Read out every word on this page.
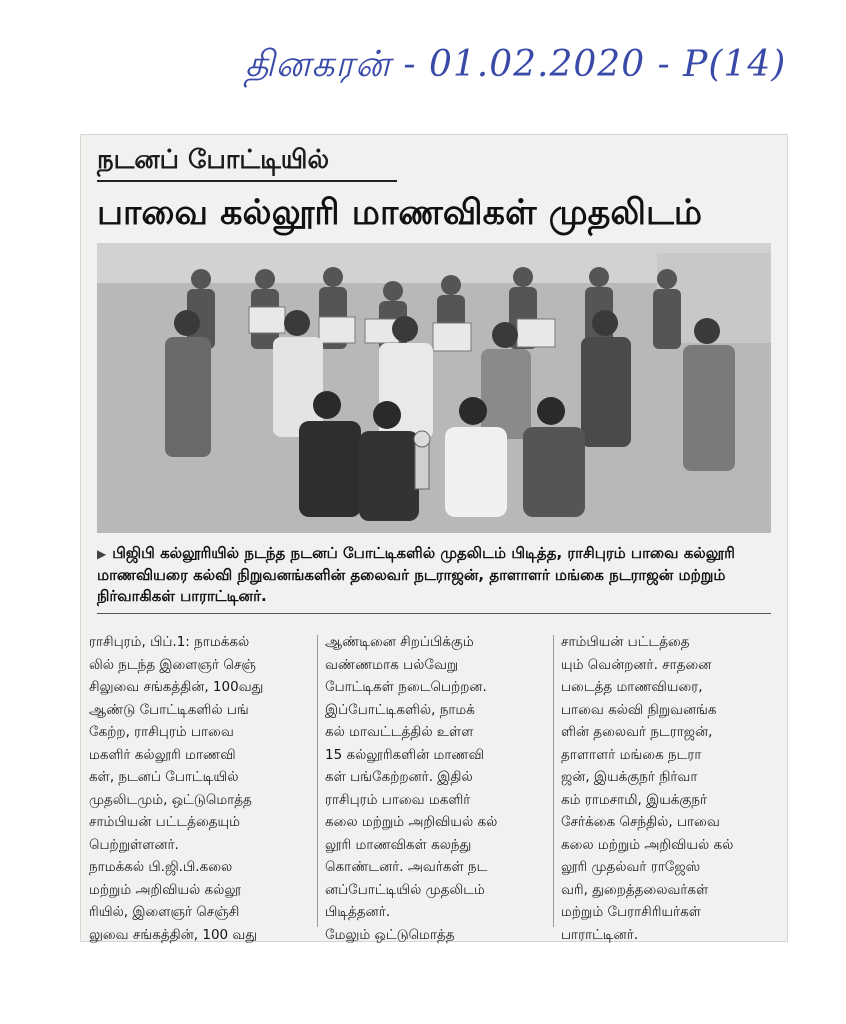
தினகரன் - 01.02.2020 - P(14)
நடனப் போட்டியில்
பாவை கல்லூரி மாணவிகள் முதலிடம்
▶ பிஜிபி கல்லூரியில் நடந்த நடனப் போட்டிகளில் முதலிடம் பிடித்த, ராசிபுரம் பாவை கல்லூரி மாணவியரை கல்வி நிறுவனங்களின் தலைவர் நடராஜன், தாளாளர் மங்கை நடராஜன் மற்றும் நிர்வாகிகள் பாராட்டினர்.
ராசிபுரம், பிப்.1: நாமக்கல்
லில் நடந்த இளைஞர் செஞ்
சிலுவை சங்கத்தின், 100வது
ஆண்டு போட்டிகளில் பங்
கேற்ற, ராசிபுரம் பாவை
மகளிர் கல்லூரி மாணவி
கள், நடனப் போட்டியில்
முதலிடமும், ஒட்டுமொத்த
சாம்பியன் பட்டத்தையும்
பெற்றுள்ளனர்.
நாமக்கல் பி.ஜி.பி.கலை
மற்றும் அறிவியல் கல்லூ
ரியில், இளைஞர் செஞ்சி
லுவை சங்கத்தின், 100 வது
ஆண்டினை சிறப்பிக்கும்
வண்ணமாக பல்வேறு
போட்டிகள் நடைபெற்றன.
இப்போட்டிகளில், நாமக்
கல் மாவட்டத்தில் உள்ள
15 கல்லூரிகளின் மாணவி
கள் பங்கேற்றனர். இதில்
ராசிபுரம் பாவை மகளிர்
கலை மற்றும் அறிவியல் கல்
லூரி மாணவிகள் கலந்து
கொண்டனர். அவர்கள் நட
னப்போட்டியில் முதலிடம்
பிடித்தனர்.
மேலும் ஒட்டுமொத்த
சாம்பியன் பட்டத்தை
யும் வென்றனர். சாதனை
படைத்த மாணவியரை,
பாவை கல்வி நிறுவனங்க
ளின் தலைவர் நடராஜன்,
தாளாளர் மங்கை நடரா
ஜன், இயக்குநர் நிர்வா
கம் ராமசாமி, இயக்குநர்
சேர்க்கை செந்தில், பாவை
கலை மற்றும் அறிவியல் கல்
லூரி முதல்வர் ராஜேஸ்
வரி, துறைத்தலைவர்கள்
மற்றும் பேராசிரியர்கள்
பாராட்டினர்.
